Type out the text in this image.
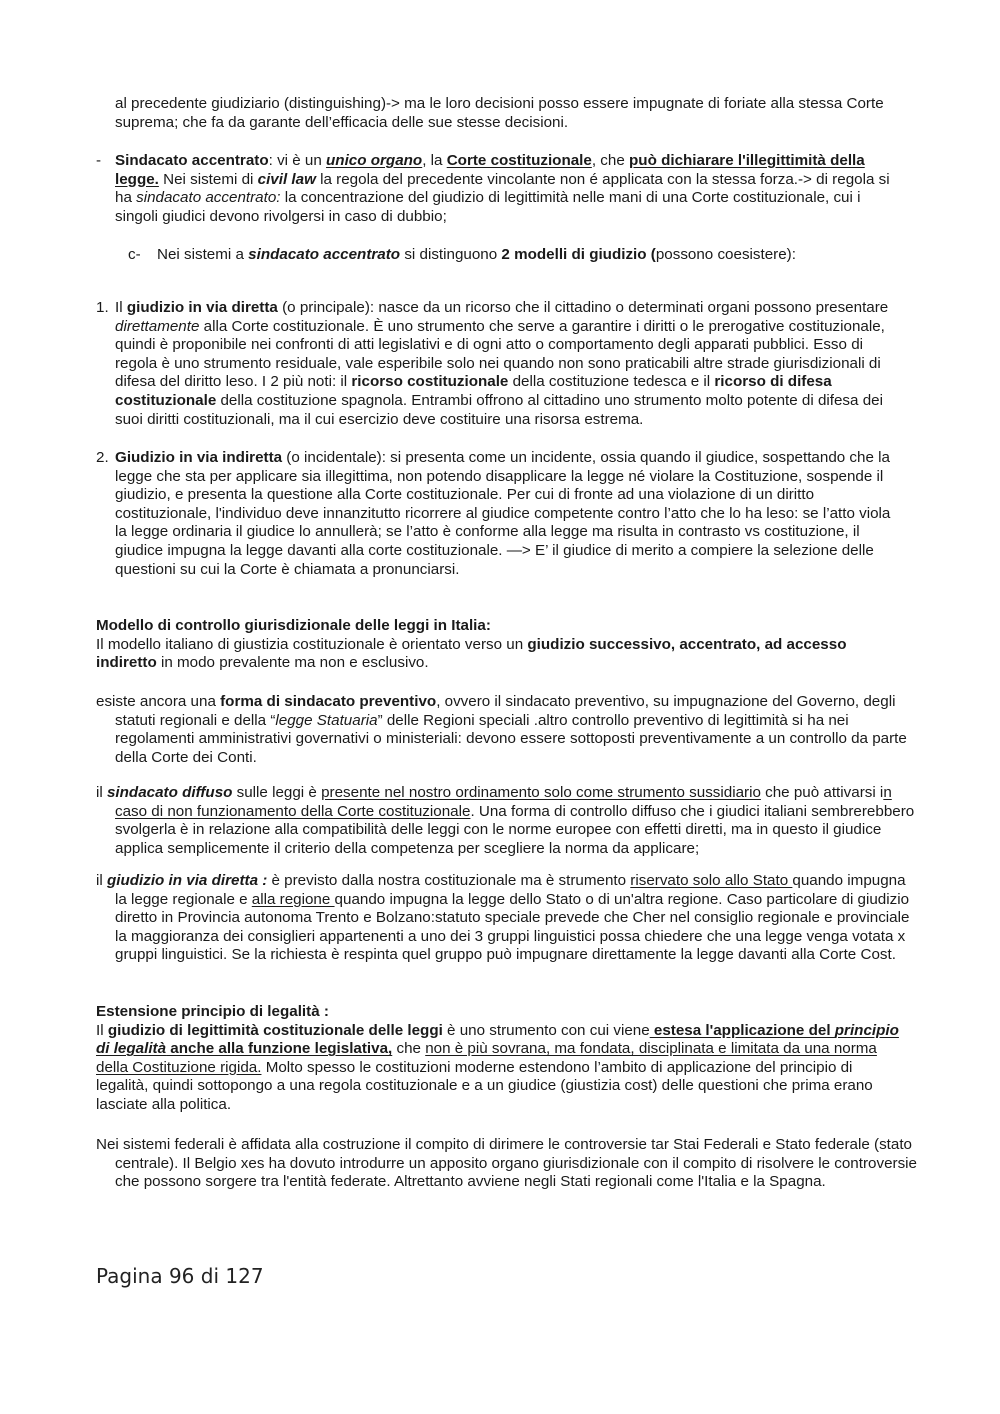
al precedente giudiziario (distinguishing)-> ma le loro decisioni posso essere impugnate di foriate alla stessa Corte suprema; che fa da garante dell’efficacia delle sue stesse decisioni.

- Sindacato accentrato: vi è un unico organo, la Corte costituzionale, che può dichiarare l'illegittimità della legge. Nei sistemi di civil law la regola del precedente vincolante non é applicata con la stessa forza.-> di regola si ha sindacato accentrato: la concentrazione del giudizio di legittimità nelle mani di una Corte costituzionale, cui i singoli giudici devono rivolgersi in caso di dubbio;

c- Nei sistemi a sindacato accentrato si distinguono 2 modelli di giudizio (possono coesistere):

1. Il giudizio in via diretta (o principale): nasce da un ricorso che il cittadino o determinati organi possono presentare direttamente alla Corte costituzionale. È uno strumento che serve a garantire i diritti o le prerogative costituzionale, quindi è proponibile nei confronti di atti legislativi e di ogni atto o comportamento degli apparati pubblici. Esso di regola è uno strumento residuale, vale esperibile solo nei quando non sono praticabili altre strade giurisdizionali di difesa del diritto leso. I 2 più noti: il ricorso costituzionale della costituzione tedesca e il ricorso di difesa costituzionale della costituzione spagnola. Entrambi offrono al cittadino uno strumento molto potente di difesa dei suoi diritti costituzionali, ma il cui esercizio deve costituire una risorsa estrema.

2. Giudizio in via indiretta (o incidentale): si presenta come un incidente, ossia quando il giudice, sospettando che la legge che sta per applicare sia illegittima, non potendo disapplicare la legge né violare la Costituzione, sospende il giudizio, e presenta la questione alla Corte costituzionale. Per cui di fronte ad una violazione di un diritto costituzionale, l'individuo deve innanzitutto ricorrere al giudice competente contro l’atto che lo ha leso: se l’atto viola la legge ordinaria il giudice lo annullerà; se l’atto è conforme alla legge ma risulta in contrasto vs costituzione, il giudice impugna la legge davanti alla corte costituzionale. —> E’ il giudice di merito a compiere la selezione delle questioni su cui la Corte è chiamata a pronunciarsi.

Modello di controllo giurisdizionale delle leggi in Italia:

Il modello italiano di giustizia costituzionale è orientato verso un giudizio successivo, accentrato, ad accesso indiretto in modo prevalente ma non e esclusivo.

esiste ancora una forma di sindacato preventivo, ovvero il sindacato preventivo, su impugnazione del Governo, degli statuti regionali e della “legge Statuaria” delle Regioni speciali .altro controllo preventivo di legittimità si ha nei regolamenti amministrativi governativi o ministeriali: devono essere sottoposti preventivamente a un controllo da parte della Corte dei Conti.

il sindacato diffuso sulle leggi è presente nel nostro ordinamento solo come strumento sussidiario che può attivarsi in caso di non funzionamento della Corte costituzionale. Una forma di controllo diffuso che i giudici italiani sembrerebbero svolgerla è in relazione alla compatibilità delle leggi con le norme europee con effetti diretti, ma in questo il giudice applica semplicemente il criterio della competenza per scegliere la norma da applicare;

il giudizio in via diretta : è previsto dalla nostra costituzionale ma è strumento riservato solo allo Stato quando impugna la legge regionale e alla regione quando impugna la legge dello Stato o di un'altra regione. Caso particolare di giudizio diretto in Provincia autonoma Trento e Bolzano:statuto speciale prevede che Cher nel consiglio regionale e provinciale la maggioranza dei consiglieri appartenenti a uno dei 3 gruppi linguistici possa chiedere che una legge venga votata x gruppi linguistici. Se la richiesta è respinta quel gruppo può impugnare direttamente la legge davanti alla Corte Cost.

Estensione principio di legalità :

Il giudizio di legittimità costituzionale delle leggi è uno strumento con cui viene estesa l'applicazione del principio di legalità anche alla funzione legislativa, che non è più sovrana, ma fondata, disciplinata e limitata da una norma della Costituzione rigida. Molto spesso le costituzioni moderne estendono l’ambito di applicazione del principio di legalità, quindi sottopongo a una regola costituzionale e a un giudice (giustizia cost) delle questioni che prima erano lasciate alla politica.

Nei sistemi federali è affidata alla costruzione il compito di dirimere le controversie tar Stai Federali e Stato federale (stato centrale). Il Belgio xes ha dovuto introdurre un apposito organo giurisdizionale con il compito di risolvere le controversie che possono sorgere tra l'entità federate. Altrettanto avviene negli Stati regionali come l'Italia e la Spagna.

Pagina 96 di 127
